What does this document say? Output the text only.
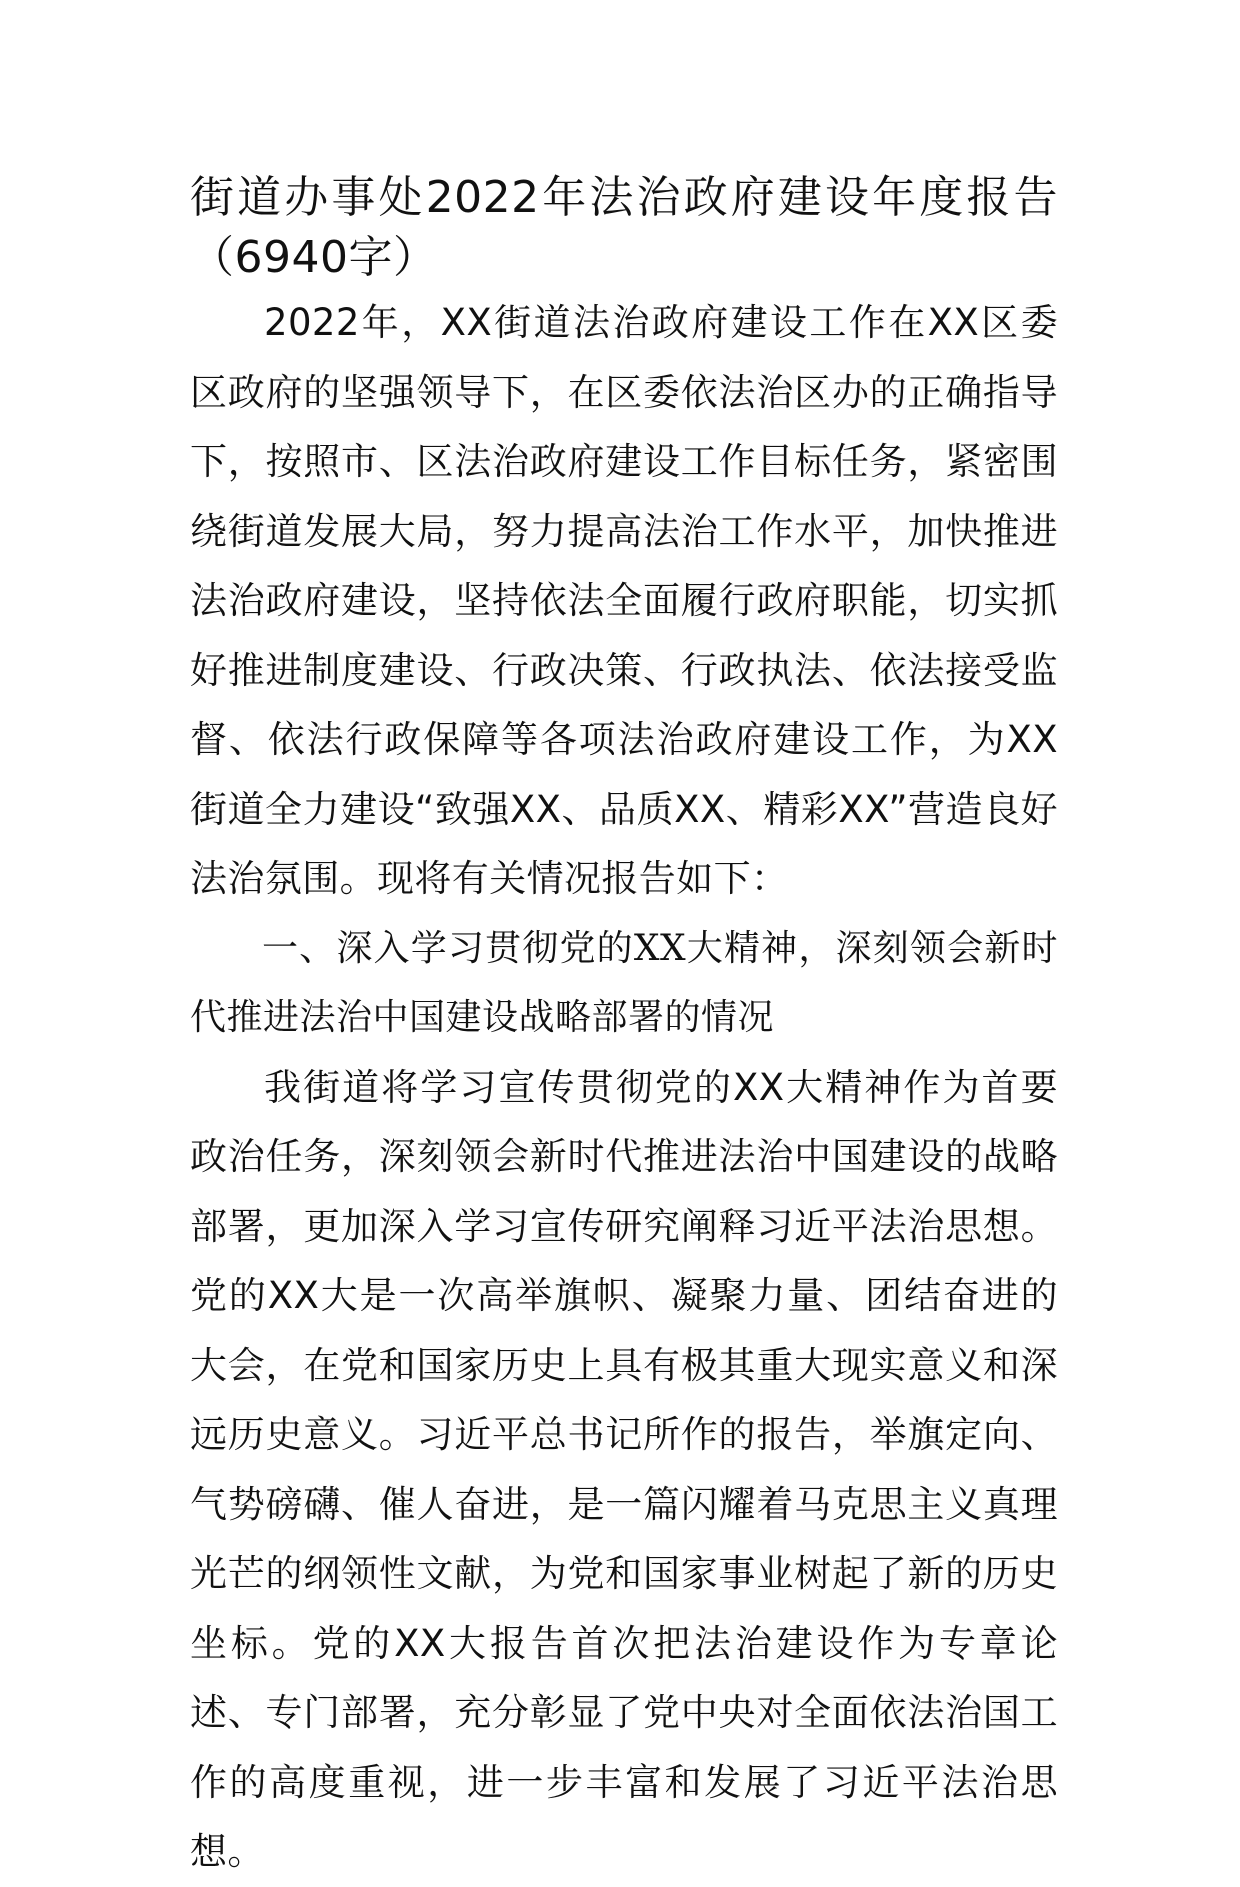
街道办事处2022年法治政府建设年度报告（6940字）

2022年，XX街道法治政府建设工作在XX区委区政府的坚强领导下，在区委依法治区办的正确指导下，按照市、区法治政府建设工作目标任务，紧密围绕街道发展大局，努力提高法治工作水平，加快推进法治政府建设，坚持依法全面履行政府职能，切实抓好推进制度建设、行政决策、行政执法、依法接受监督、依法行政保障等各项法治政府建设工作，为XX街道全力建设“致强XX、品质XX、精彩XX”营造良好法治氛围。现将有关情况报告如下：

一、深入学习贯彻党的XX大精神，深刻领会新时代推进法治中国建设战略部署的情况

我街道将学习宣传贯彻党的XX大精神作为首要政治任务，深刻领会新时代推进法治中国建设的战略部署，更加深入学习宣传研究阐释习近平法治思想。党的XX大是一次高举旗帜、凝聚力量、团结奋进的大会，在党和国家历史上具有极其重大现实意义和深远历史意义。习近平总书记所作的报告，举旗定向、气势磅礴、催人奋进，是一篇闪耀着马克思主义真理光芒的纲领性文献，为党和国家事业树起了新的历史坐标。党的XX大报告首次把法治建设作为专章论述、专门部署，充分彰显了党中央对全面依法治国工作的高度重视，进一步丰富和发展了习近平法治思想。
